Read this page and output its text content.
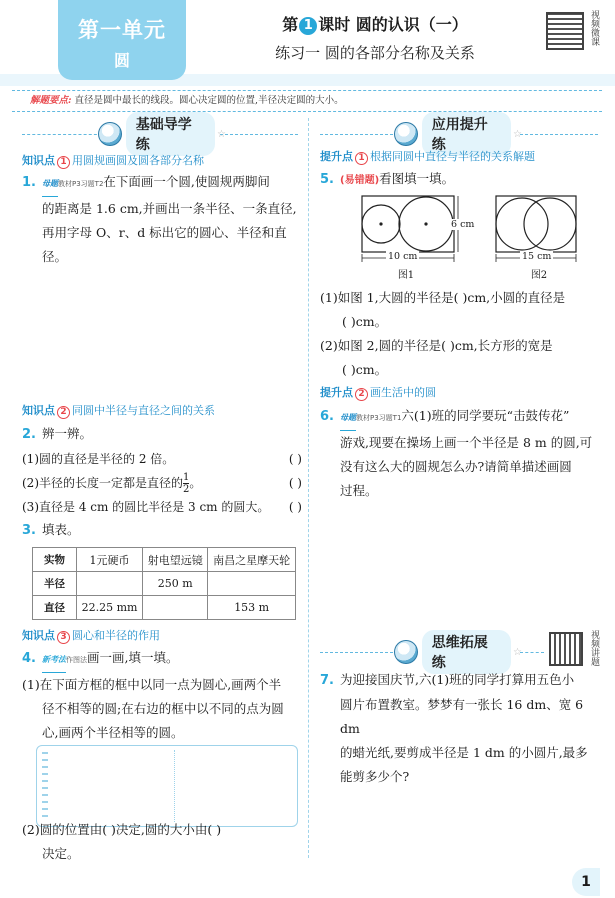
第一单元
圆
第 1 课时 圆的认识（一）
练习一 圆的各部分名称及关系
视频微课
解题要点: 直径是圆中最长的线段。圆心决定圆的位置,半径决定圆的大小。
基础导学练
☆
知识点 1 用圆规画圆及圆各部分名称
1. 母题教材P3习题T2在下面画一个圆,使圆规两脚间
的距离是 1.6 cm,并画出一条半径、一条直径,
再用字母 O、r、d 标出它的圆心、半径和直径。
知识点 2 同圆中半径与直径之间的关系
2. 辨一辨。
(1)圆的直径是半径的 2 倍。	( )
(2)半径的长度一定都是直径的 $\frac{1}{2}$ 。	( )
(3)直径是 4 cm 的圆比半径是 3 cm 的圆大。 ( )
3. 填表。
实物	1元硬币	射电望远镜	南昌之星摩天轮
半径		250 m	
直径	22.25 mm		153 m
知识点 3 圆心和半径的作用
4. 新考法作图法画一画,填一填。
(1)在下面方框的框中以同一点为圆心,画两个半
径不相等的圆;在右边的框中以不同的点为圆
心,画两个半径相等的圆。
(2)圆的位置由( )决定,圆的大小由( )
决定。
应用提升练
☆
提升点 1 根据同圆中直径与半径的关系解题
5. (易错题)看图填一填。
10 cm
6 cm
图1
15 cm
图2
(1)如图 1,大圆的半径是( )cm,小圆的直径是
( )cm。
(2)如图 2,圆的半径是( )cm,长方形的宽是
( )cm。
提升点 2 画生活中的圆
6. 母题教材P3习题T1六(1)班的同学要玩“击鼓传花”
游戏,现要在操场上画一个半径是 8 m 的圆,可
没有这么大的圆规怎么办?请简单描述画圆
过程。
思维拓展练
☆	视频讲题
7. 为迎接国庆节,六(1)班的同学打算用五色小
圆片布置教室。梦梦有一张长 16 dm、宽 6 dm
的蜡光纸,要剪成半径是 1 dm 的小圆片,最多
能剪多少个?
1
